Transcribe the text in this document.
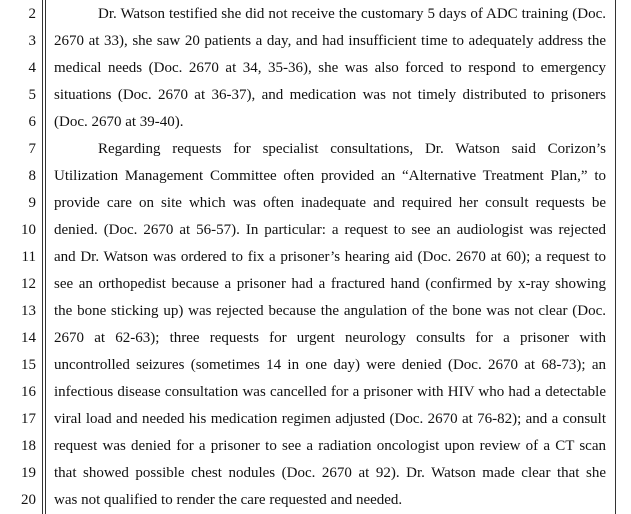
2
3
4
5
6
7
8
9
10
11
12
13
14
15
16
17
18
19
20
Dr. Watson testified she did not receive the customary 5 days of ADC training (Doc.
2670 at 33), she saw 20 patients a day, and had insufficient time to adequately address the
medical needs (Doc. 2670 at 34, 35-36), she was also forced to respond to emergency
situations (Doc. 2670 at 36-37), and medication was not timely distributed to prisoners
(Doc. 2670 at 39-40).
Regarding requests for specialist consultations, Dr. Watson said Corizon’s
Utilization Management Committee often provided an “Alternative Treatment Plan,” to
provide care on site which was often inadequate and required her consult requests be
denied. (Doc. 2670 at 56-57). In particular: a request to see an audiologist was rejected
and Dr. Watson was ordered to fix a prisoner’s hearing aid (Doc. 2670 at 60); a request to
see an orthopedist because a prisoner had a fractured hand (confirmed by x-ray showing
the bone sticking up) was rejected because the angulation of the bone was not clear (Doc.
2670 at 62-63); three requests for urgent neurology consults for a prisoner with
uncontrolled seizures (sometimes 14 in one day) were denied (Doc. 2670 at 68-73); an
infectious disease consultation was cancelled for a prisoner with HIV who had a detectable
viral load and needed his medication regimen adjusted (Doc. 2670 at 76-82); and a consult
request was denied for a prisoner to see a radiation oncologist upon review of a CT scan
that showed possible chest nodules (Doc. 2670 at 92). Dr. Watson made clear that she
was not qualified to render the care requested and needed.
